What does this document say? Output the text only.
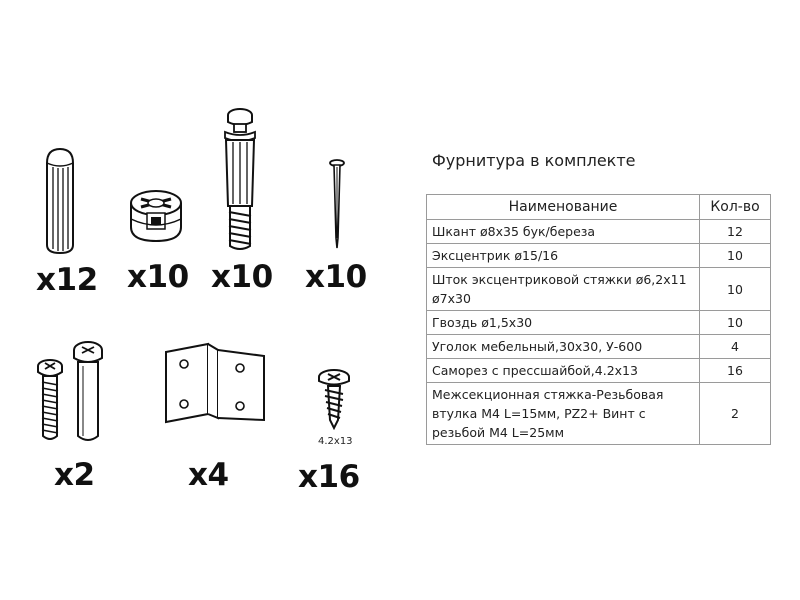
4.2x13
x12 x10 x10 x10
x2	x4 x16
Фурнитура в комплекте
Наименование	Кол-во
Шкант ø8х35 бук/береза	12
Эксцентрик ø15/16	10
Шток эксцентриковой стяжки ø6,2х11 ø7х30	10
Гвоздь ø1,5х30	10
Уголок мебельный,30х30, У-600	4
Саморез с прессшайбой,4.2х13	16
Межсекционная стяжка-Резьбовая втулка М4 L=15мм, PZ2+ Винт с резьбой М4 L=25мм	2
